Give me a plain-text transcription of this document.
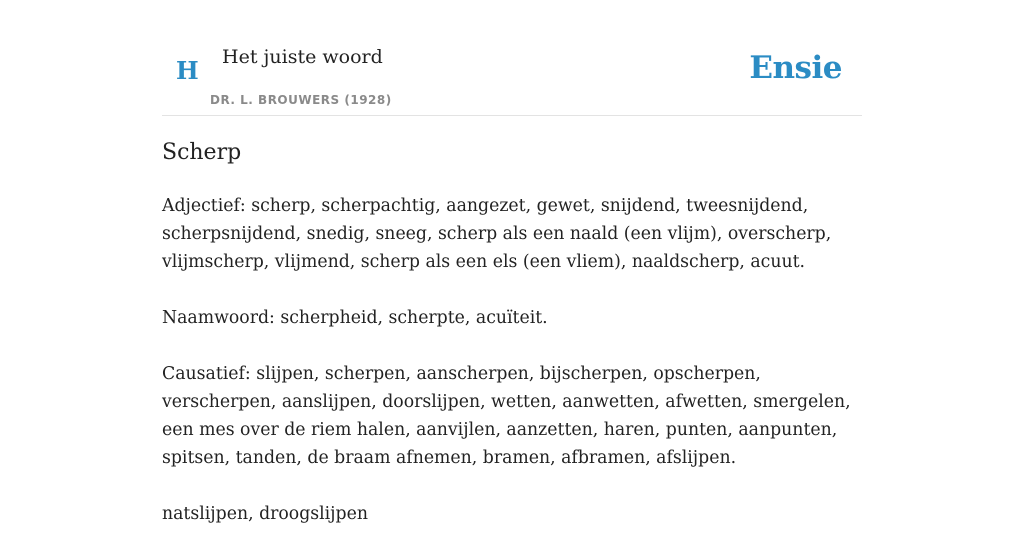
H Het juiste woord
DR. L. BROUWERS (1928)
Ensie
Scherp

Adjectief: scherp, scherpachtig, aangezet, gewet, snijdend, tweesnijdend, scherpsnijdend, snedig, sneeg, scherp als een naald (een vlijm), overscherp, vlijmscherp, vlijmend, scherp als een els (een vliem), naaldscherp, acuut.

Naamwoord: scherpheid, scherpte, acuïteit.

Causatief: slijpen, scherpen, aanscherpen, bijscherpen, opscherpen, verscherpen, aanslijpen, doorslijpen, wetten, aanwetten, afwetten, smergelen, een mes over de riem halen, aanvijlen, aanzetten, haren, punten, aanpunten, spitsen, tanden, de braam afnemen, bramen, afbramen, afslijpen.

natslijpen, droogslijpen
